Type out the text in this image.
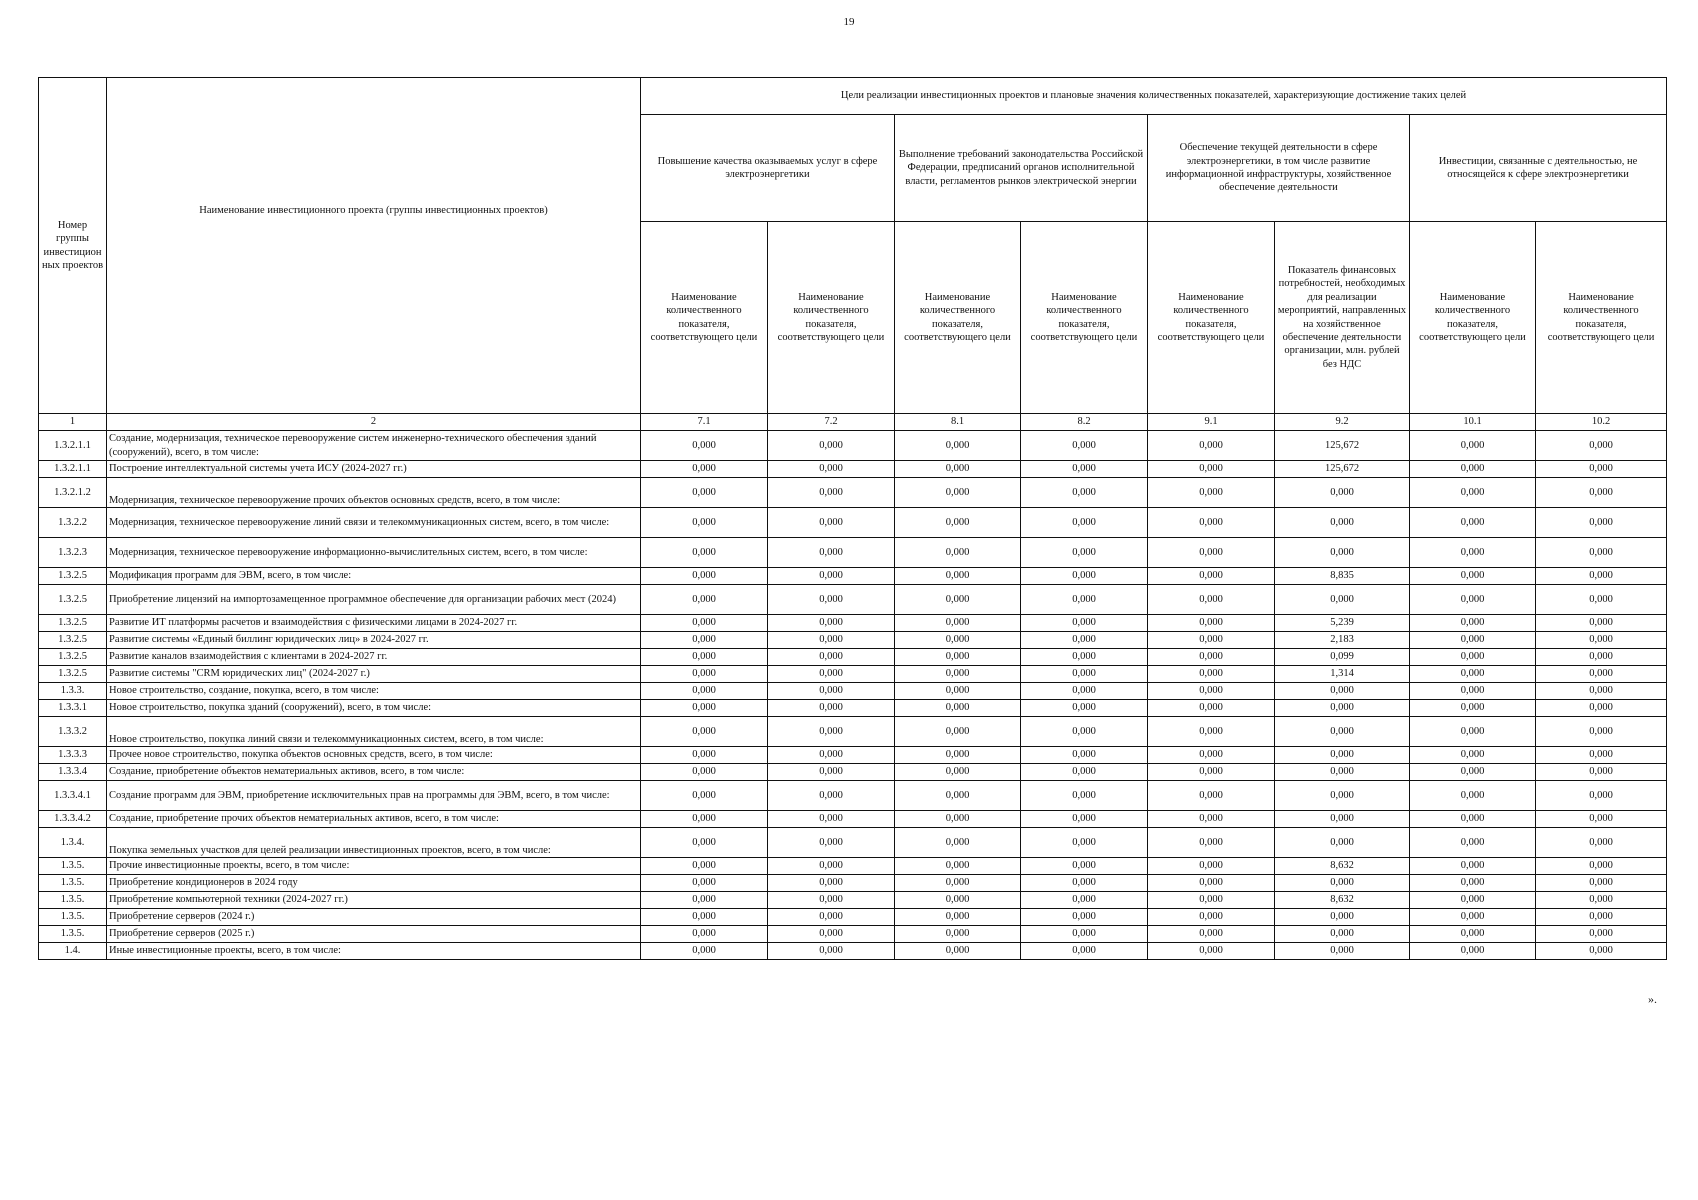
19
Номер группы инвестиционных проектов	Наименование инвестиционного проекта (группы инвестиционных проектов)	Цели реализации инвестиционных проектов и плановые значения количественных показателей, характеризующие достижение таких целей							
		Повышение качества оказываемых услуг в сфере электроэнергетики		Выполнение требований законодательства Российской Федерации, предписаний органов исполнительной власти, регламентов рынков электрической энергии		Обеспечение текущей деятельности в сфере электроэнергетики, в том числе развитие информационной инфраструктуры, хозяйственное обеспечение деятельности		Инвестиции, связанные с деятельностью, не относящейся к сфере электроэнергетики	
		Наименование количественного показателя, соответствующего цели	Наименование количественного показателя, соответствующего цели	Наименование количественного показателя, соответствующего цели	Наименование количественного показателя, соответствующего цели	Наименование количественного показателя, соответствующего цели	Показатель финансовых потребностей, необходимых для реализации мероприятий, направленных на хозяйственное обеспечение деятельности организации, млн. рублей без НДС	Наименование количественного показателя, соответствующего цели	Наименование количественного показателя, соответствующего цели
1	2	7.1	7.2	8.1	8.2	9.1	9.2	10.1	10.2
1.3.2.1.1	Создание, модернизация, техническое перевооружение систем инженерно-технического обеспечения зданий (сооружений), всего, в том числе:	0,000	0,000	0,000	0,000	0,000	125,672	0,000	0,000
1.3.2.1.1	Построение интеллектуальной системы учета ИСУ (2024-2027 гг.)	0,000	0,000	0,000	0,000	0,000	125,672	0,000	0,000
1.3.2.1.2	Модернизация, техническое перевооружение прочих объектов основных средств, всего, в том числе:	0,000	0,000	0,000	0,000	0,000	0,000	0,000	0,000
1.3.2.2	Модернизация, техническое перевооружение линий связи и телекоммуникационных систем, всего, в том числе:	0,000	0,000	0,000	0,000	0,000	0,000	0,000	0,000
1.3.2.3	Модернизация, техническое перевооружение информационно-вычислительных систем, всего, в том числе:	0,000	0,000	0,000	0,000	0,000	0,000	0,000	0,000
1.3.2.5	Модификация программ для ЭВМ, всего, в том числе:	0,000	0,000	0,000	0,000	0,000	8,835	0,000	0,000
1.3.2.5	Приобретение лицензий на импортозамещенное программное обеспечение для организации рабочих мест (2024)	0,000	0,000	0,000	0,000	0,000	0,000	0,000	0,000
1.3.2.5	Развитие ИТ платформы расчетов и взаимодействия с физическими лицами в 2024-2027 гг.	0,000	0,000	0,000	0,000	0,000	5,239	0,000	0,000
1.3.2.5	Развитие системы «Единый биллинг юридических лиц» в 2024-2027 гг.	0,000	0,000	0,000	0,000	0,000	2,183	0,000	0,000
1.3.2.5	Развитие каналов взаимодействия с клиентами в 2024-2027 гг.	0,000	0,000	0,000	0,000	0,000	0,099	0,000	0,000
1.3.2.5	Развитие системы "CRM юридических лиц" (2024-2027 г.)	0,000	0,000	0,000	0,000	0,000	1,314	0,000	0,000
1.3.3.	Новое строительство, создание, покупка, всего, в том числе:	0,000	0,000	0,000	0,000	0,000	0,000	0,000	0,000
1.3.3.1	Новое строительство, покупка зданий (сооружений), всего, в том числе:	0,000	0,000	0,000	0,000	0,000	0,000	0,000	0,000
1.3.3.2	Новое строительство, покупка линий связи и телекоммуникационных систем, всего, в том числе:	0,000	0,000	0,000	0,000	0,000	0,000	0,000	0,000
1.3.3.3	Прочее новое строительство, покупка объектов основных средств, всего, в том числе:	0,000	0,000	0,000	0,000	0,000	0,000	0,000	0,000
1.3.3.4	Создание, приобретение объектов нематериальных активов, всего, в том числе:	0,000	0,000	0,000	0,000	0,000	0,000	0,000	0,000
1.3.3.4.1	Создание программ для ЭВМ, приобретение исключительных прав на программы для ЭВМ, всего, в том числе:	0,000	0,000	0,000	0,000	0,000	0,000	0,000	0,000
1.3.3.4.2	Создание, приобретение прочих объектов нематериальных активов, всего, в том числе:	0,000	0,000	0,000	0,000	0,000	0,000	0,000	0,000
1.3.4.	Покупка земельных участков для целей реализации инвестиционных проектов, всего, в том числе:	0,000	0,000	0,000	0,000	0,000	0,000	0,000	0,000
1.3.5.	Прочие инвестиционные проекты, всего, в том числе:	0,000	0,000	0,000	0,000	0,000	8,632	0,000	0,000
1.3.5.	Приобретение кондиционеров в 2024 году	0,000	0,000	0,000	0,000	0,000	0,000	0,000	0,000
1.3.5.	Приобретение компьютерной техники (2024-2027 гг.)	0,000	0,000	0,000	0,000	0,000	8,632	0,000	0,000
1.3.5.	Приобретение серверов (2024 г.)	0,000	0,000	0,000	0,000	0,000	0,000	0,000	0,000
1.3.5.	Приобретение серверов (2025 г.)	0,000	0,000	0,000	0,000	0,000	0,000	0,000	0,000
1.4.	Иные инвестиционные проекты, всего, в том числе:	0,000	0,000	0,000	0,000	0,000	0,000	0,000	0,000
».
